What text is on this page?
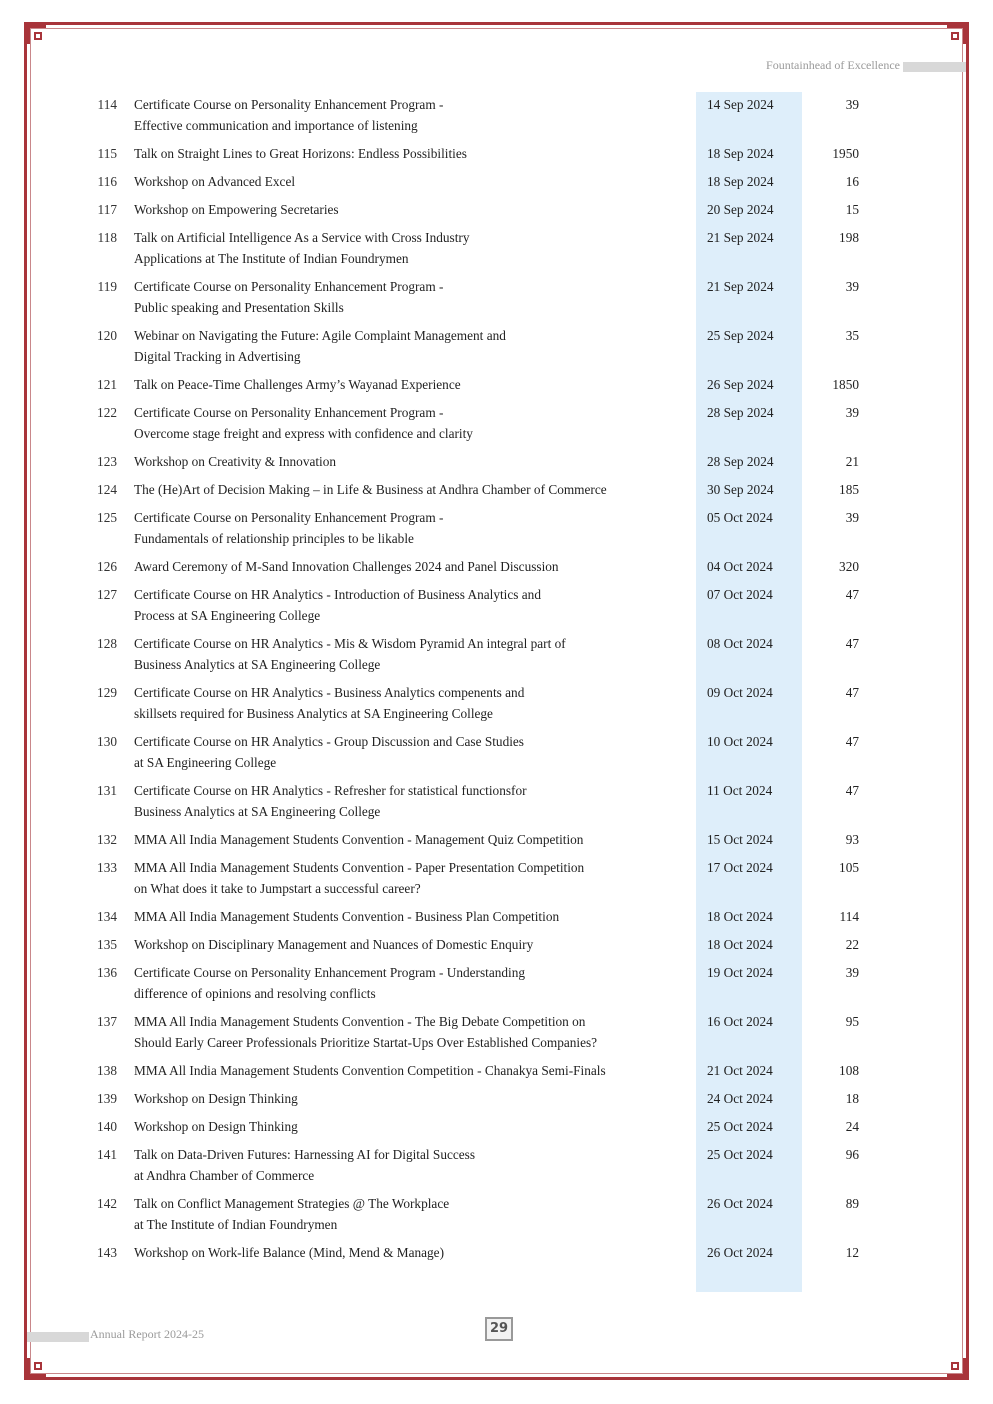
Fountainhead of Excellence
114 Certificate Course on Personality Enhancement Program -
Effective communication and importance of listening
14 Sep 2024	39
115 Talk on Straight Lines to Great Horizons: Endless Possibilities	18 Sep 2024	1950
116 Workshop on Advanced Excel	18 Sep 2024	16
117 Workshop on Empowering Secretaries	20 Sep 2024	15
118 Talk on Artificial Intelligence As a Service with Cross Industry
Applications at The Institute of Indian Foundrymen
21 Sep 2024	198
119 Certificate Course on Personality Enhancement Program -
Public speaking and Presentation Skills
21 Sep 2024	39
120 Webinar on Navigating the Future: Agile Complaint Management and
Digital Tracking in Advertising
25 Sep 2024	35
121 Talk on Peace-Time Challenges Army’s Wayanad Experience	26 Sep 2024	1850
122 Certificate Course on Personality Enhancement Program -
Overcome stage freight and express with confidence and clarity
28 Sep 2024	39
123 Workshop on Creativity & Innovation	28 Sep 2024	21
124 The (He)Art of Decision Making – in Life & Business at Andhra Chamber of Commerce	30 Sep 2024	185
125 Certificate Course on Personality Enhancement Program -
Fundamentals of relationship principles to be likable
05 Oct 2024	39
126 Award Ceremony of M-Sand Innovation Challenges 2024 and Panel Discussion	04 Oct 2024	320
127 Certificate Course on HR Analytics - Introduction of Business Analytics and
Process at SA Engineering College
07 Oct 2024	47
128 Certificate Course on HR Analytics - Mis & Wisdom Pyramid An integral part of
Business Analytics at SA Engineering College
08 Oct 2024	47
129 Certificate Course on HR Analytics - Business Analytics compenents and
skillsets required for Business Analytics at SA Engineering College
09 Oct 2024	47
130 Certificate Course on HR Analytics - Group Discussion and Case Studies
at SA Engineering College
10 Oct 2024	47
131 Certificate Course on HR Analytics - Refresher for statistical functionsfor
Business Analytics at SA Engineering College
11 Oct 2024	47
132 MMA All India Management Students Convention - Management Quiz Competition	15 Oct 2024	93
133 MMA All India Management Students Convention - Paper Presentation Competition
on What does it take to Jumpstart a successful career?
17 Oct 2024	105
134 MMA All India Management Students Convention - Business Plan Competition	18 Oct 2024	114
135 Workshop on Disciplinary Management and Nuances of Domestic Enquiry	18 Oct 2024	22
136 Certificate Course on Personality Enhancement Program - Understanding
difference of opinions and resolving conflicts
19 Oct 2024	39
137 MMA All India Management Students Convention - The Big Debate Competition on
Should Early Career Professionals Prioritize Startat-Ups Over Established Companies?
16 Oct 2024	95
138 MMA All India Management Students Convention Competition - Chanakya Semi-Finals	21 Oct 2024	108
139 Workshop on Design Thinking	24 Oct 2024	18
140 Workshop on Design Thinking	25 Oct 2024	24
141 Talk on Data-Driven Futures: Harnessing AI for Digital Success
at Andhra Chamber of Commerce
25 Oct 2024	96
142 Talk on Conflict Management Strategies @ The Workplace
at The Institute of Indian Foundrymen
26 Oct 2024	89
143 Workshop on Work-life Balance (Mind, Mend & Manage)	26 Oct 2024	12
Annual Report 2024-25	29
